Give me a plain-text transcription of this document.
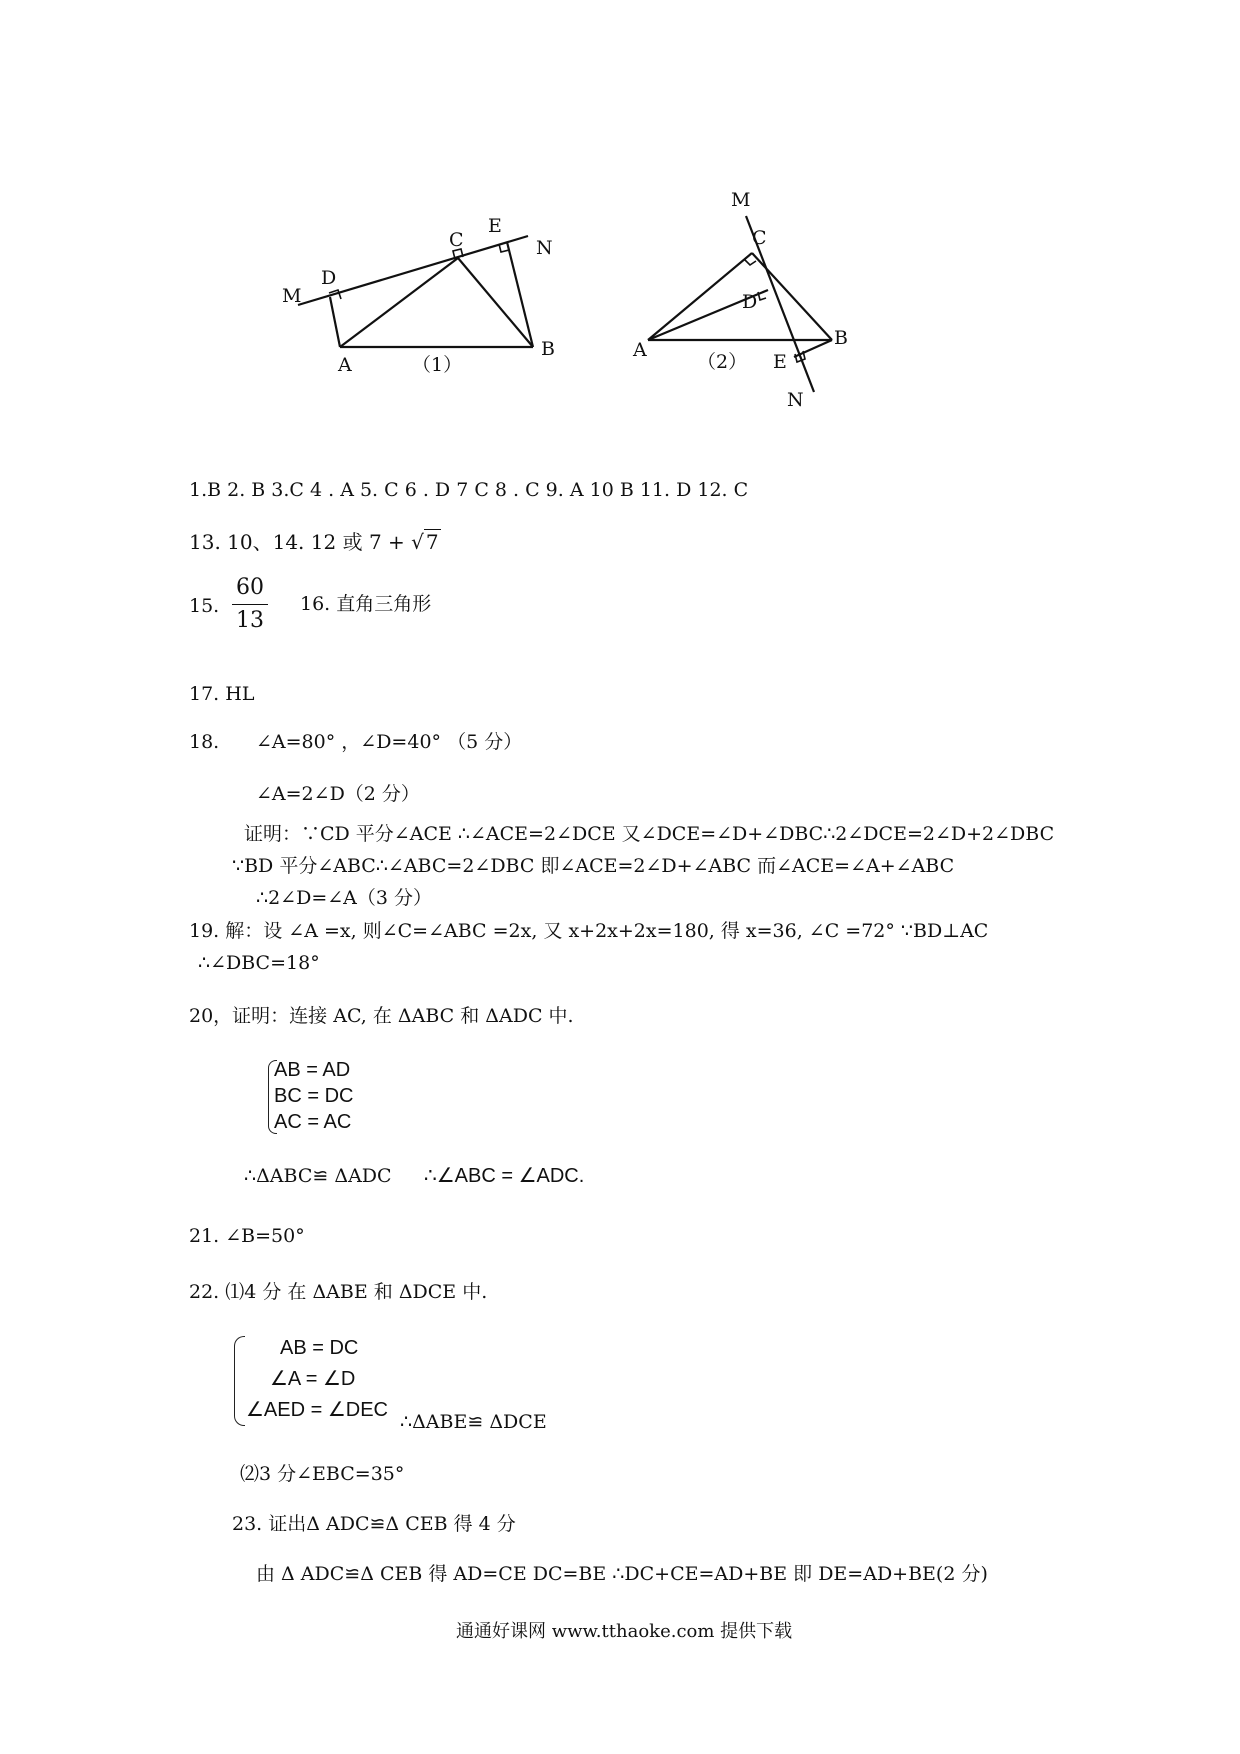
M
D
C
E
N
A
B
（1）
M
C
D
A
B
E
N
（2）
1.B 2. B 3.C 4 . A 5. C 6 . D 7 C 8 . C 9. A 10 B 11. D 12. C
13. 10、14. 12 或 7 + √ 7
15.
60
13
16. 直角三角形
17. HL
18. ∠A=80° ，∠D=40° （5 分）
∠A=2∠D（2 分）
证明：∵CD 平分∠ACE ∴∠ACE=2∠DCE 又∠DCE=∠D+∠DBC∴2∠DCE=2∠D+2∠DBC
∵BD 平分∠ABC∴∠ABC=2∠DBC 即∠ACE=2∠D+∠ABC 而∠ACE=∠A+∠ABC
∴2∠D=∠A（3 分）
19. 解：设 ∠A =x, 则∠C=∠ABC =2x, 又 x+2x+2x=180, 得 x=36, ∠C =72° ∵BD⊥AC
∴∠DBC=18°
20，证明：连接 AC, 在 ΔABC 和 ΔADC 中.
AB = AD
BC = DC
AC = AC
∴ΔABC≌ ΔADC ∴∠ABC = ∠ADC.
21. ∠B=50°
22. ⑴4 分 在 ΔABE 和 ΔDCE 中.
AB = DC
∠A = ∠D
∠AED = ∠DEC
∴ΔABE≌ ΔDCE
⑵3 分∠EBC=35°
23. 证出Δ ADC≌Δ CEB 得 4 分
由 Δ ADC≌Δ CEB 得 AD=CE DC=BE ∴DC+CE=AD+BE 即 DE=AD+BE(2 分)
通通好课网 www.tthaoke.com 提供下载
